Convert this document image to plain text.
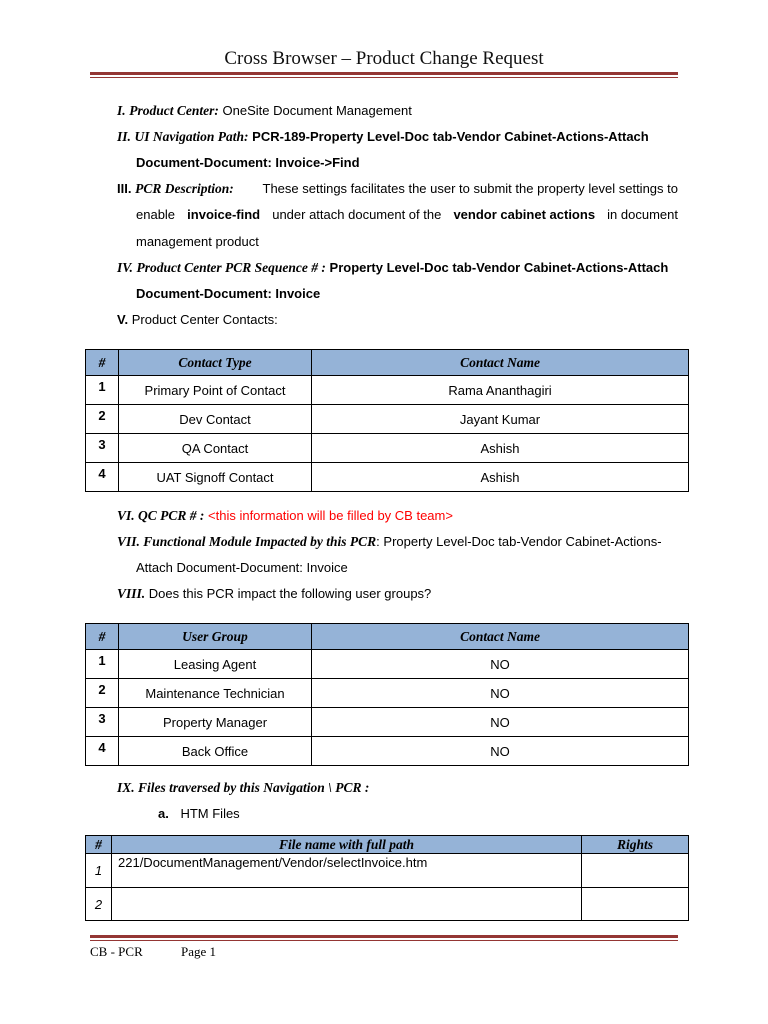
Cross Browser – Product Change Request
I. Product Center: OneSite Document Management
II. UI Navigation Path: PCR-189-Property Level-Doc tab-Vendor Cabinet-Actions-Attach
Document-Document: Invoice->Find
III. PCR Description: These settings facilitates the user to submit the property level settings to
enable invoice-find under attach document of the vendor cabinet actions in document
management product
IV. Product Center PCR Sequence # : Property Level-Doc tab-Vendor Cabinet-Actions-Attach
Document-Document: Invoice
V. Product Center Contacts:
#	Contact Type	Contact Name
1	Primary Point of Contact	Rama Ananthagiri
2	Dev Contact	Jayant Kumar
3	QA Contact	Ashish
4	UAT Signoff Contact	Ashish
VI. QC PCR # : <this information will be filled by CB team>
VII. Functional Module Impacted by this PCR: Property Level-Doc tab-Vendor Cabinet-Actions-
Attach Document-Document: Invoice
VIII. Does this PCR impact the following user groups?
#	User Group	Contact Name
1	Leasing Agent	NO
2	Maintenance Technician	NO
3	Property Manager	NO
4	Back Office	NO
IX. Files traversed by this Navigation \ PCR :
a. HTM Files
#	File name with full path	Rights
1	221/DocumentManagement/Vendor/selectInvoice.htm	
2		
CB - PCR	Page 1
